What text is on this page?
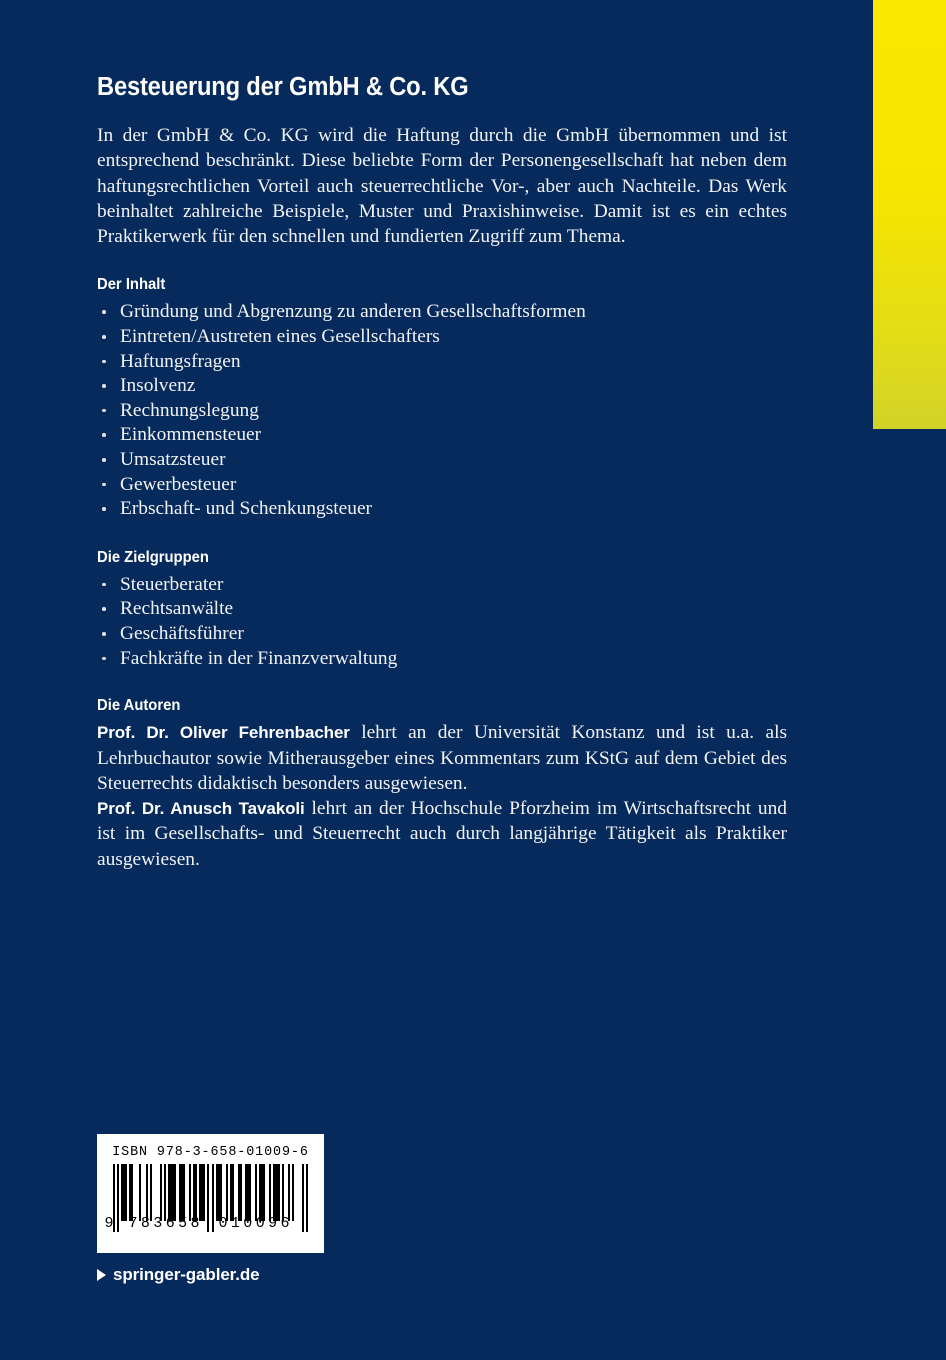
Besteuerung der GmbH & Co. KG

In der GmbH & Co. KG wird die Haftung durch die GmbH übernommen und ist entsprechend beschränkt. Diese beliebte Form der Personengesellschaft hat neben dem haftungsrechtlichen Vorteil auch steuerrechtliche Vor-, aber auch Nachteile. Das Werk beinhaltet zahlreiche Beispiele, Muster und Praxishinweise. Damit ist es ein echtes Praktikerwerk für den schnellen und fundierten Zugriff zum Thema.

Der Inhalt
Gründung und Abgrenzung zu anderen Gesellschaftsformen
Eintreten/Austreten eines Gesellschafters
Haftungsfragen
Insolvenz
Rechnungslegung
Einkommensteuer
Umsatzsteuer
Gewerbesteuer
Erbschaft- und Schenkungsteuer
Die Zielgruppen
Steuerberater
Rechtsanwälte
Geschäftsführer
Fachkräfte in der Finanzverwaltung
Die Autoren

Prof. Dr. Oliver Fehrenbacher lehrt an der Universität Konstanz und ist u.a. als Lehrbuchautor sowie Mitherausgeber eines Kommentars zum KStG auf dem Gebiet des Steuerrechts didaktisch besonders ausgewiesen.

Prof. Dr. Anusch Tavakoli lehrt an der Hochschule Pforzheim im Wirtschaftsrecht und ist im Gesellschafts- und Steuerrecht auch durch langjährige Tätigkeit als Praktiker ausgewiesen.

ISBN 978-3-658-01009-6
9 783658 010096
springer-gabler.de
